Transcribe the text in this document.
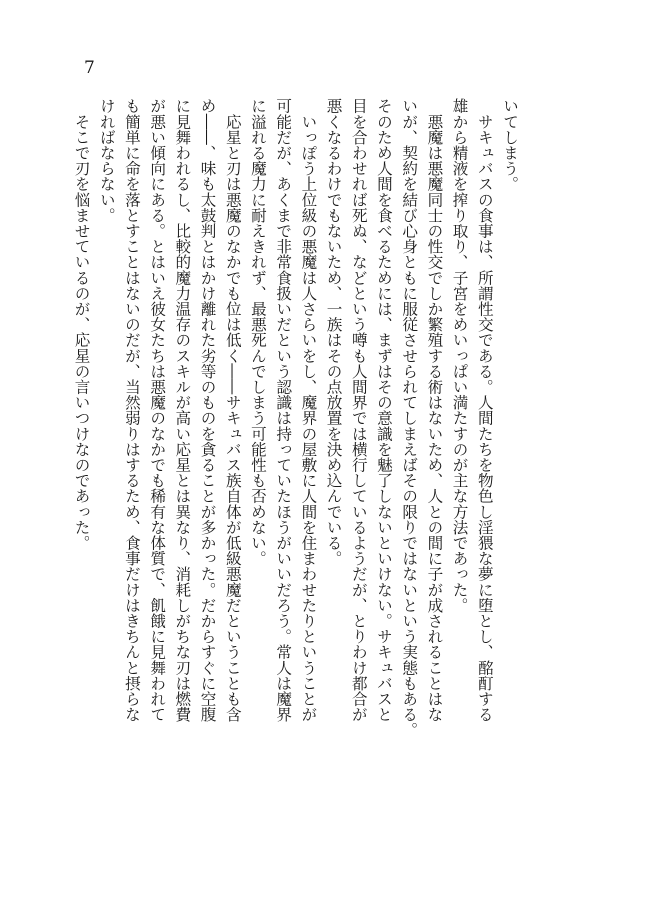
7
いてしまう。
　サキュバスの食事は、所謂性交である。人間たちを物色し淫猥な夢に堕とし、酩酊する
雄から精液を搾り取り、子宮をめいっぱい満たすのが主な方法であった。
　悪魔は悪魔同士の性交でしか繁殖する術はないため、人との間に子が成されることはな
いが、契約を結び心身ともに服従させられてしまえばその限りではないという実態もある。
そのため人間を食べるためには、まずはその意識を魅了しないといけない。サキュバスと
目を合わせれば死ぬ、などという噂も人間界では横行しているようだが、とりわけ都合が
悪くなるわけでもないため、一族はその点放置を決め込んでいる。
　いっぽう上位級の悪魔は人さらいをし、魔界の屋敷に人間を住まわせたりということが
可能だが、あくまで非常食扱いだという認識は持っていたほうがいいだろう。常人は魔界
に溢れる魔力に耐えきれず、最悪死んでしまう可能性も否めない。
　応星と刃は悪魔のなかでも位は低く――サキュバス族自体が低級悪魔だということも含
め――、味も太鼓判とはかけ離れた劣等のものを貪ることが多かった。だからすぐに空腹
に見舞われるし、比較的魔力温存のスキルが高い応星とは異なり、消耗しがちな刃は燃費
が悪い傾向にある。とはいえ彼女たちは悪魔のなかでも稀有な体質で、飢餓に見舞われて
も簡単に命を落とすことはないのだが、当然弱りはするため、食事だけはきちんと摂らな
ければならない。
　そこで刃を悩ませているのが、応星の言いつけなのであった。
